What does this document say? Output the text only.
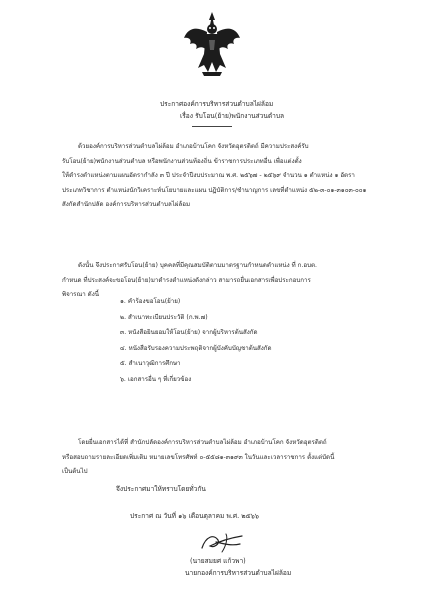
ประกาศองค์การบริหารส่วนตำบลไผ่ล้อม
เรื่อง รับโอน(ย้าย)พนักงานส่วนตำบล
ด้วยองค์การบริหารส่วนตำบลไผ่ล้อม อำเภอบ้านโคก จังหวัดอุตรดิตถ์ มีความประสงค์รับ
รับโอน(ย้าย)พนักงานส่วนตำบล หรือพนักงานส่วนท้องถิ่น ข้าราชการประเภทอื่น เพื่อแต่งตั้ง
ให้ดำรงตำแหน่งตามแผนอัตรากำลัง ๓ ปี ประจำปีงบประมาณ พ.ศ. ๒๕๖๗ - ๒๕๖๙ จำนวน ๑ ตำแหน่ง ๑ อัตรา
ประเภทวิชาการ ตำแหน่งนักวิเคราะห์นโยบายและแผน ปฏิบัติการ/ชำนาญการ เลขที่ตำแหน่ง ๕๒-๓-๐๑-๓๑๐๓-๐๐๑
สังกัดสำนักปลัด องค์การบริหารส่วนตำบลไผ่ล้อม
ดังนั้น จึงประกาศรับโอน(ย้าย) บุคคลที่มีคุณสมบัติตามมาตรฐานกำหนดตำแหน่ง ที่ ก.อบต.
กำหนด ที่ประสงค์จะขอโอน(ย้าย)มาดำรงตำแหน่งดังกล่าว สามารถยื่นเอกสารเพื่อประกอบการ
พิจารณา ดังนี้
๑. คำร้องขอโอน(ย้าย)
๒. สำเนาทะเบียนประวัติ (ก.พ.๗)
๓. หนังสือยินยอมให้โอน(ย้าย) จากผู้บริหารต้นสังกัด
๔. หนังสือรับรองความประพฤติจากผู้บังคับบัญชาต้นสังกัด
๕. สำเนาวุฒิการศึกษา
๖. เอกสารอื่น ๆ ที่เกี่ยวข้อง
โดยยื่นเอกสารได้ที่ สำนักปลัดองค์การบริหารส่วนตำบลไผ่ล้อม อำเภอบ้านโคก จังหวัดอุตรดิตถ์
หรือสอบถามรายละเอียดเพิ่มเติม หมายเลขโทรศัพท์ ๐-๕๕๘๑-๓๑๙๓ ในวันและเวลาราชการ ตั้งแต่บัดนี้
เป็นต้นไป
จึงประกาศมาให้ทราบโดยทั่วกัน
ประกาศ ณ วันที่ ๑๖ เดือนตุลาคม พ.ศ. ๒๕๖๖
(นายสมยศ แก้วพา)
นายกองค์การบริหารส่วนตำบลไผ่ล้อม
